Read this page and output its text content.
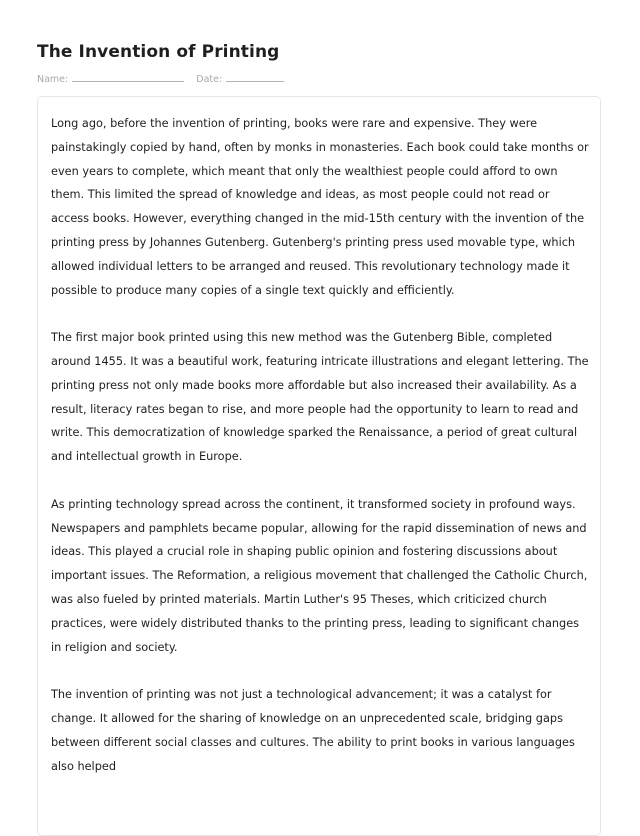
The Invention of Printing
Name:	Date:

Long ago, before the invention of printing, books were rare and expensive. They were painstakingly copied by hand, often by monks in monasteries. Each book could take months or even years to complete, which meant that only the wealthiest people could afford to own them. This limited the spread of knowledge and ideas, as most people could not read or access books. However, everything changed in the mid-15th century with the invention of the printing press by Johannes Gutenberg. Gutenberg's printing press used movable type, which allowed individual letters to be arranged and reused. This revolutionary technology made it possible to produce many copies of a single text quickly and efficiently.

The first major book printed using this new method was the Gutenberg Bible, completed around 1455. It was a beautiful work, featuring intricate illustrations and elegant lettering. The printing press not only made books more affordable but also increased their availability. As a result, literacy rates began to rise, and more people had the opportunity to learn to read and write. This democratization of knowledge sparked the Renaissance, a period of great cultural and intellectual growth in Europe.

As printing technology spread across the continent, it transformed society in profound ways. Newspapers and pamphlets became popular, allowing for the rapid dissemination of news and ideas. This played a crucial role in shaping public opinion and fostering discussions about important issues. The Reformation, a religious movement that challenged the Catholic Church, was also fueled by printed materials. Martin Luther's 95 Theses, which criticized church practices, were widely distributed thanks to the printing press, leading to significant changes in religion and society.

The invention of printing was not just a technological advancement; it was a catalyst for change. It allowed for the sharing of knowledge on an unprecedented scale, bridging gaps between different social classes and cultures. The ability to print books in various languages also helped
